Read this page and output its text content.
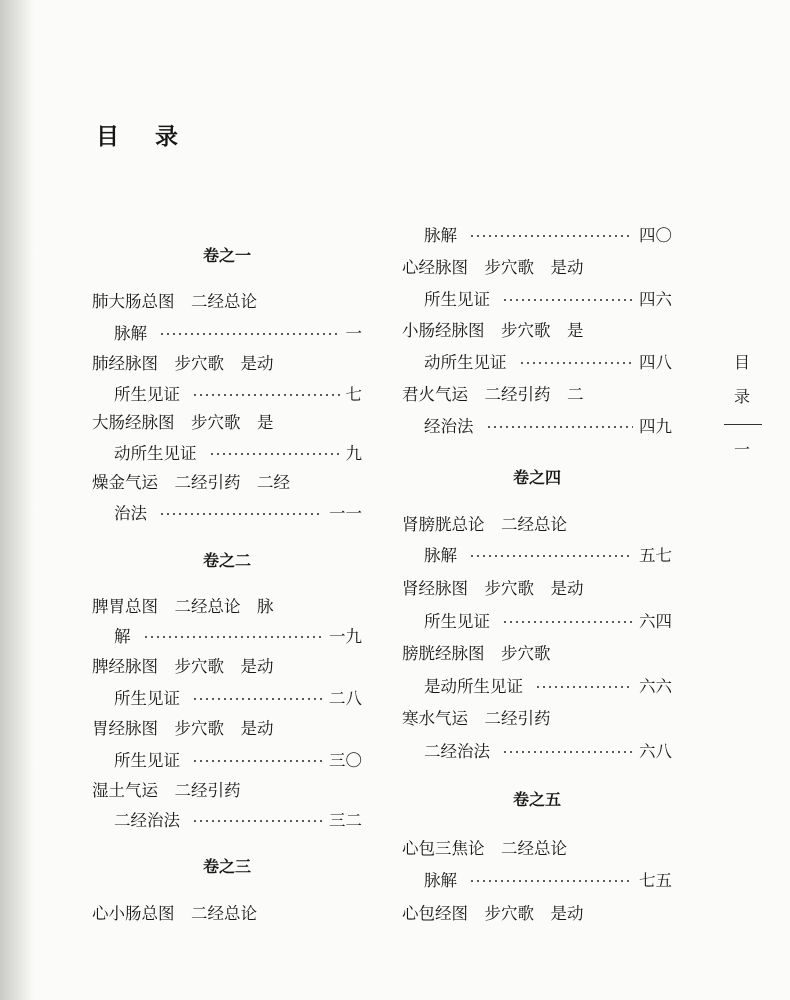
目 录
卷之一
肺大肠总图　二经总论
脉解	一
肺经脉图　步穴歌　是动
所生见证	七
大肠经脉图　步穴歌　是
动所生见证	九
燥金气运　二经引药　二经
治法	一一
卷之二
脾胃总图　二经总论　脉
解	一九
脾经脉图　步穴歌　是动
所生见证	二八
胃经脉图　步穴歌　是动
所生见证	三〇
湿土气运　二经引药
二经治法	三二
卷之三
心小肠总图　二经总论
脉解	四〇
心经脉图　步穴歌　是动
所生见证	四六
小肠经脉图　步穴歌　是
动所生见证	四八
君火气运　二经引药　二
经治法	四九
卷之四
肾膀胱总论　二经总论
脉解	五七
肾经脉图　步穴歌　是动
所生见证	六四
膀胱经脉图　步穴歌
是动所生见证	六六
寒水气运　二经引药
二经治法	六八
卷之五
心包三焦论　二经总论
脉解	七五
心包经图　步穴歌　是动
目
录
一
